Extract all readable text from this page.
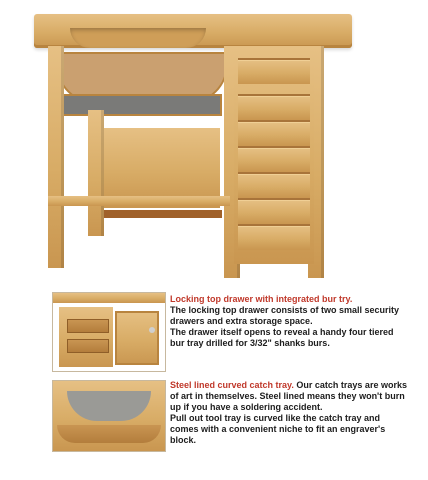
Locking top drawer with integrated bur try.
The locking top drawer consists of two small security drawers and extra storage space.
The drawer itself opens to reveal a handy four tiered bur tray drilled for 3/32" shanks burs.
Steel lined curved catch tray. Our catch trays are works of art in themselves. Steel lined means they won't burn up if you have a soldering accident.
Pull out tool tray is curved like the catch tray and comes with a convenient niche to fit an engraver's block.
